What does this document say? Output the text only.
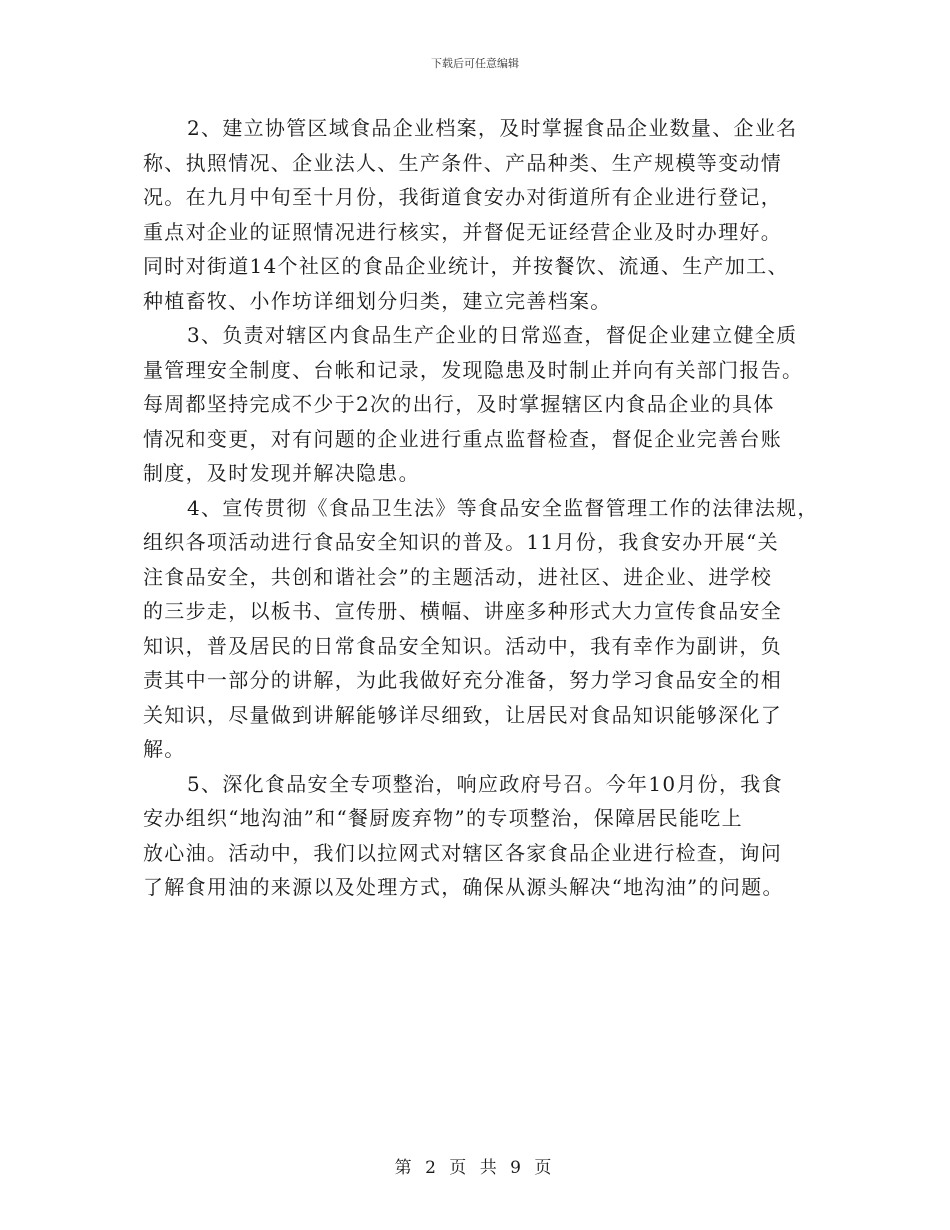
下载后可任意编辑

2、建立协管区域食品企业档案，及时掌握食品企业数量、企业名
称、执照情况、企业法人、生产条件、产品种类、生产规模等变动情
况。在九月中旬至十月份，我街道食安办对街道所有企业进行登记，
重点对企业的证照情况进行核实，并督促无证经营企业及时办理好。
同时对街道14个社区的食品企业统计，并按餐饮、流通、生产加工、
种植畜牧、小作坊详细划分归类，建立完善档案。

3、负责对辖区内食品生产企业的日常巡查，督促企业建立健全质
量管理安全制度、台帐和记录，发现隐患及时制止并向有关部门报告。
每周都坚持完成不少于2次的出行，及时掌握辖区内食品企业的具体
情况和变更，对有问题的企业进行重点监督检查，督促企业完善台账
制度，及时发现并解决隐患。

4、宣传贯彻《食品卫生法》等食品安全监督管理工作的法律法规，
组织各项活动进行食品安全知识的普及。11月份，我食安办开展“关
注食品安全，共创和谐社会”的主题活动，进社区、进企业、进学校
的三步走，以板书、宣传册、横幅、讲座多种形式大力宣传食品安全
知识，普及居民的日常食品安全知识。活动中，我有幸作为副讲，负
责其中一部分的讲解，为此我做好充分准备，努力学习食品安全的相
关知识，尽量做到讲解能够详尽细致，让居民对食品知识能够深化了
解。

5、深化食品安全专项整治，响应政府号召。今年10月份，我食
安办组织“地沟油”和“餐厨废弃物”的专项整治，保障居民能吃上
放心油。活动中，我们以拉网式对辖区各家食品企业进行检查，询问
了解食用油的来源以及处理方式，确保从源头解决“地沟油”的问题。

第 2 页 共 9 页
